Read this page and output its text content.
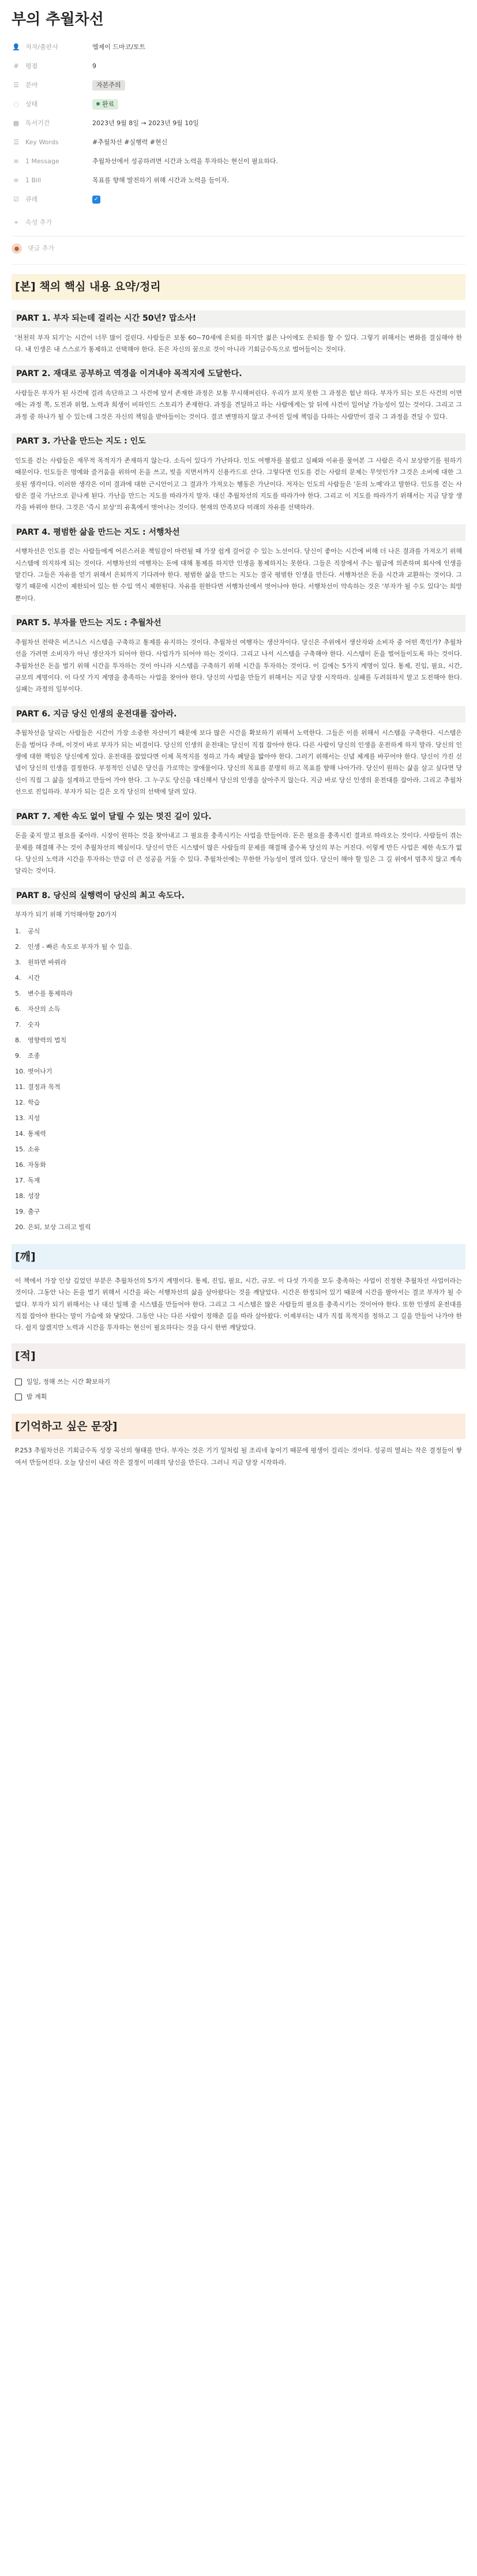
부의 추월차선
👤 저자/출판사	엠제이 드마코/토트
#	평점	9
☰ 분야	자본주의
◌ 상태	완료
▦ 독서기간	2023년 9월 8일 → 2023년 9월 10일
☰ Key Words	#추월차선 #실행력 #현신
≡	1 Message	추월차선에서 성공하려면 시간과 노력을 투자하는 현신이 필요하다.
≡	1 Bill	목표를 향해 발전하기 위해 시간과 노력을 들이자.
☑ 큐레	✓
+	속성 추가
●	댓글 추가
[본] 책의 핵심 내용 요약/정리
PART 1. 부자 되는데 걸리는 시간 50년? 맙소사!

'천천히 부자 되기'는 시간이 너무 많이 걸린다. 사람들은 보통 60~70세에 은퇴를 하지만 젊은 나이에도 은퇴를 할 수 있다. 그렇기 위해서는 변화를 결심해야 한다. 내 인생은 내 스스로가 통제하고 선택해야 한다. 돈은 자신의 꿈으로 것이 아니라 기회금수독으로 벌어들이는 것이다.

PART 2. 재대로 공부하고 역경을 이겨내야 목적지에 도달한다.

사람들은 부자가 된 사건에 걸려 속단하고 그 사건에 앞서 존재한 과정은 보통 무시해버린다. 우리가 보지 못한 그 과정은 험난 하다. 부자가 되는 모든 사건의 이면에는 과정 쪽, 도전과 위협, 노력과 희생이 비하인드 스토리가 존재한다. 과정을 견딜하고 하는 사람에게는 앞 뒤에 사건이 일어날 가능성이 있는 것이다. 그리고 그 과정 중 하나가 될 수 있는데 그것은 자신의 책임을 받아들이는 것이다. 결코 변명하지 않고 주어진 일에 책임을 다하는 사람만이 결국 그 과정을 견딜 수 있다.

PART 3. 가난을 만드는 지도 : 인도

인도를 걷는 사람들은 재무적 목적지가 존재하지 않는다. 소득이 있다가 가난하다. 인도 여행자를 불렀고 실패와 이유를 물어본 그 사람은 즉시 보상받기를 원하기 때문이다. 인도들은 명예와 즐거움을 위하여 돈을 쓰고, 빚을 지면서까지 신용카드로 산다. 그렇다면 인도를 걷는 사람의 문제는 무엇인가? 그것은 소비에 대한 그릇된 생각이다. 이러한 생각은 이미 결과에 대한 근시안이고 그 결과가 가져오는 행동은 가난이다. 저자는 인도의 사람들은 '돈의 노예'라고 말한다. 인도를 걷는 사람은 결국 가난으로 끝나게 된다. 가난을 만드는 지도를 따라가지 말자. 대신 추월차선의 지도를 따라가야 한다. 그리고 이 지도를 따라가기 위해서는 지금 당장 생각을 바꿔야 한다. 그것은 '즉시 보상'의 유혹에서 벗어나는 것이다. 현재의 만족보다 미래의 자유를 선택하라.

PART 4. 평범한 삶을 만드는 지도 : 서행차선

서행차선은 인도를 걷는 사람들에게 어른스러운 책임감이 마련될 때 가장 쉽게 걸어갈 수 있는 노선이다. 당신이 좋아는 시간에 비해 더 나은 결과를 가져오기 위해 시스템에 의지하게 되는 것이다. 서행차선의 여행자는 돈에 대해 통제를 하지만 인생을 통제하지는 못한다. 그들은 직장에서 주는 월급에 의존하며 회사에 인생을 맡긴다. 그들은 자유를 얻기 위해서 은퇴까지 기다려야 한다. 평범한 삶을 만드는 지도는 결국 평범한 인생을 만든다. 서행차선은 돈을 시간과 교환하는 것이다. 그렇기 때문에 시간이 제한되어 있는 한 수입 역시 제한된다. 자유를 원한다면 서행차선에서 벗어나야 한다. 서행차선이 약속하는 것은 '부자가 될 수도 있다'는 희망뿐이다.

PART 5. 부자를 만드는 지도 : 추월차선

추월차선 전략은 비즈니스 시스템을 구축하고 통제를 유지하는 것이다. 추월차선 여행자는 생산자이다. 당신은 주위에서 생산자와 소비자 중 어떤 쪽인가? 추월차선을 가려면 소비자가 아닌 생산자가 되어야 한다. 사업가가 되어야 하는 것이다. 그리고 나서 시스템을 구축해야 한다. 시스템이 돈을 벌어들이도록 하는 것이다. 추월차선은 돈을 벌기 위해 시간을 투자하는 것이 아니라 시스템을 구축하기 위해 시간을 투자하는 것이다. 이 길에는 5가지 계명이 있다. 통제, 진입, 필요, 시간, 규모의 계명이다. 이 다섯 가지 계명을 충족하는 사업을 찾아야 한다. 당신의 사업을 만들기 위해서는 지금 당장 시작하라. 실패를 두려워하지 말고 도전해야 한다. 실패는 과정의 일부이다.

PART 6. 지금 당신 인생의 운전대를 잡아라.

추월차선을 달리는 사람들은 시간이 가장 소중한 자산이기 때문에 보다 많은 시간을 확보하기 위해서 노력한다. 그들은 이를 위해서 시스템을 구축한다. 시스템은 돈을 벌어다 주며, 이것이 바로 부자가 되는 비결이다. 당신의 인생의 운전대는 당신이 직접 잡아야 한다. 다른 사람이 당신의 인생을 운전하게 하지 말라. 당신의 인생에 대한 책임은 당신에게 있다. 운전대를 잡았다면 이제 목적지를 정하고 가속 페달을 밟아야 한다. 그러기 위해서는 신념 체계를 바꾸어야 한다. 당신이 가진 신념이 당신의 인생을 결정한다. 부정적인 신념은 당신을 가로막는 장애물이다. 당신의 목표를 분명히 하고 목표를 향해 나아가라. 당신이 원하는 삶을 살고 싶다면 당신이 직접 그 삶을 설계하고 만들어 가야 한다. 그 누구도 당신을 대신해서 당신의 인생을 살아주지 않는다. 지금 바로 당신 인생의 운전대를 잡아라. 그리고 추월차선으로 진입하라. 부자가 되는 길은 오직 당신의 선택에 달려 있다.

PART 7. 제한 속도 없이 달릴 수 있는 멋진 길이 있다.

돈을 좇지 말고 필요를 좇아라. 시장이 원하는 것을 찾아내고 그 필요를 충족시키는 사업을 만들어라. 돈은 필요를 충족시킨 결과로 따라오는 것이다. 사람들이 겪는 문제를 해결해 주는 것이 추월차선의 핵심이다. 당신이 만든 시스템이 많은 사람들의 문제를 해결해 줄수록 당신의 부는 커진다. 이렇게 만든 사업은 제한 속도가 없다. 당신의 노력과 시간을 투자하는 만큼 더 큰 성공을 거둘 수 있다. 추월차선에는 무한한 가능성이 열려 있다. 당신이 해야 할 일은 그 길 위에서 멈추지 않고 계속 달리는 것이다.

PART 8. 당신의 실행력이 당신의 최고 속도다.

부자가 되기 위해 기억해야할 20가지

1.	공식
2.	인생 - 빠른 속도로 부자가 될 수 있음.
3.	원하면 바꿔라
4.	시간
5.	변수를 통제하라
6.	자산의 소득
7.	숫자
8.	영향력의 법칙
9.	조종
10. 벗어나기
11. 결정과 목적
12. 학습
13. 지성
14. 통제력
15. 소유
16. 자동화
17. 독재
18. 성장
19. 출구
20. 은퇴, 보상 그리고 빌릭
[깨]

이 책에서 가장 인상 깊었던 부분은 추월차선의 5가지 계명이다. 통제, 진입, 필요, 시간, 규모. 이 다섯 가지를 모두 충족하는 사업이 진정한 추월차선 사업이라는 것이다. 그동안 나는 돈을 벌기 위해서 시간을 파는 서행차선의 삶을 살아왔다는 것을 깨달았다. 시간은 한정되어 있기 때문에 시간을 팔아서는 결코 부자가 될 수 없다. 부자가 되기 위해서는 나 대신 일해 줄 시스템을 만들어야 한다. 그리고 그 시스템은 많은 사람들의 필요를 충족시키는 것이어야 한다. 또한 인생의 운전대를 직접 잡아야 한다는 말이 가슴에 와 닿았다. 그동안 나는 다른 사람이 정해준 길을 따라 살아왔다. 이제부터는 내가 직접 목적지를 정하고 그 길을 만들어 나가야 한다. 쉽지 않겠지만 노력과 시간을 투자하는 현신이 필요하다는 것을 다시 한번 깨달았다.

[적]
일일, 정해 쓰는 시간 확보하기
밤 계획
[기억하고 싶은 문장]

P.253 추월차선은 기회금수독 성장 곡선의 형태를 만다. 부자는 것은 기기 일처럼 될 조리네 놓이기 때문에 평생이 걸리는 것이다. 성공의 열쇠는 작은 결정들이 쌓여서 만들어진다. 오늘 당신이 내린 작은 결정이 미래의 당신을 만든다. 그러니 지금 당장 시작하라.
